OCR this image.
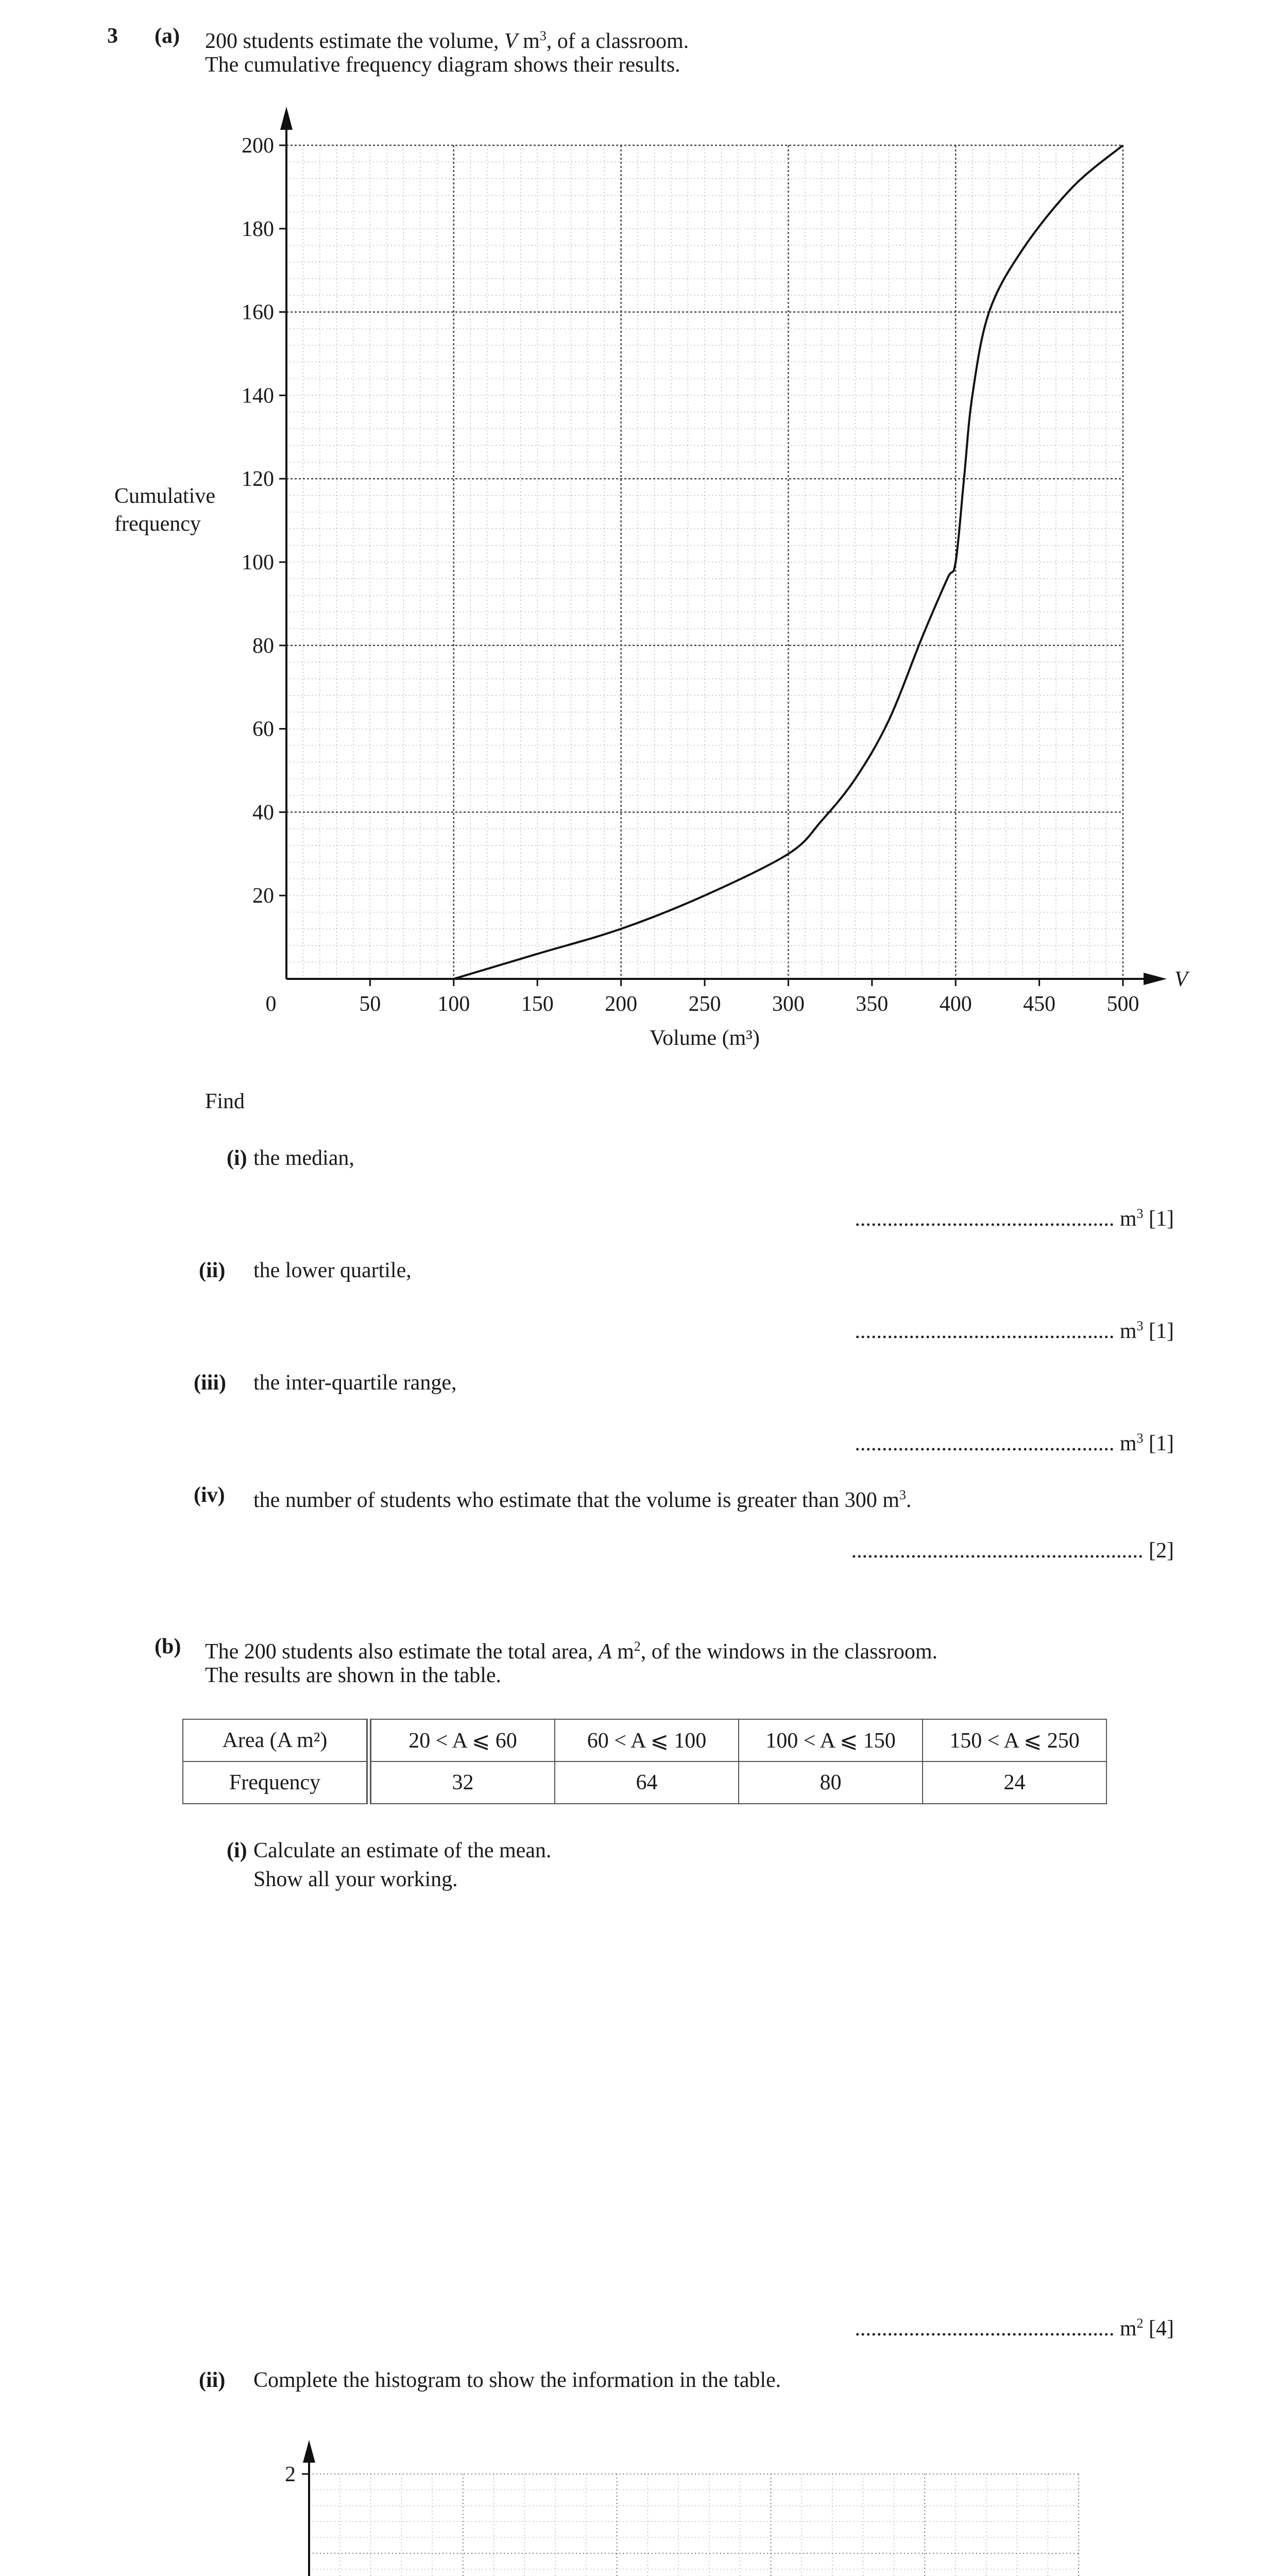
3 (a) 200 students estimate the volume, V $m^3$, of a classroom.
The cumulative frequency diagram shows their results.
0	50	100 150 200 250 300 350 400 450 500
20
40
60
80
100
120
140
160
180
200
Volume (m³)
Cumulative
frequency
V
Find
(i) the median,
................................................ $m^3$ [1]
(ii) the lower quartile,
................................................ $m^3$ [1]
(iii) the inter-quartile range,
................................................ $m^3$ [1]
(iv) the number of students who estimate that the volume is greater than 300 $m^3$.
...................................................... [2]
(b) The 200 students also estimate the total area, A $m^2$, of the windows in the classroom.
The results are shown in the table.
Area (A m²)	20 < A ⩽ 60	60 < A ⩽ 100	100 < A ⩽ 150	150 < A ⩽ 250
Frequency	32	64	80	24
(i) Calculate an estimate of the mean.
Show all your working.
................................................ $m^2$ [4]
(ii) Complete the histogram to show the information in the table.
2
